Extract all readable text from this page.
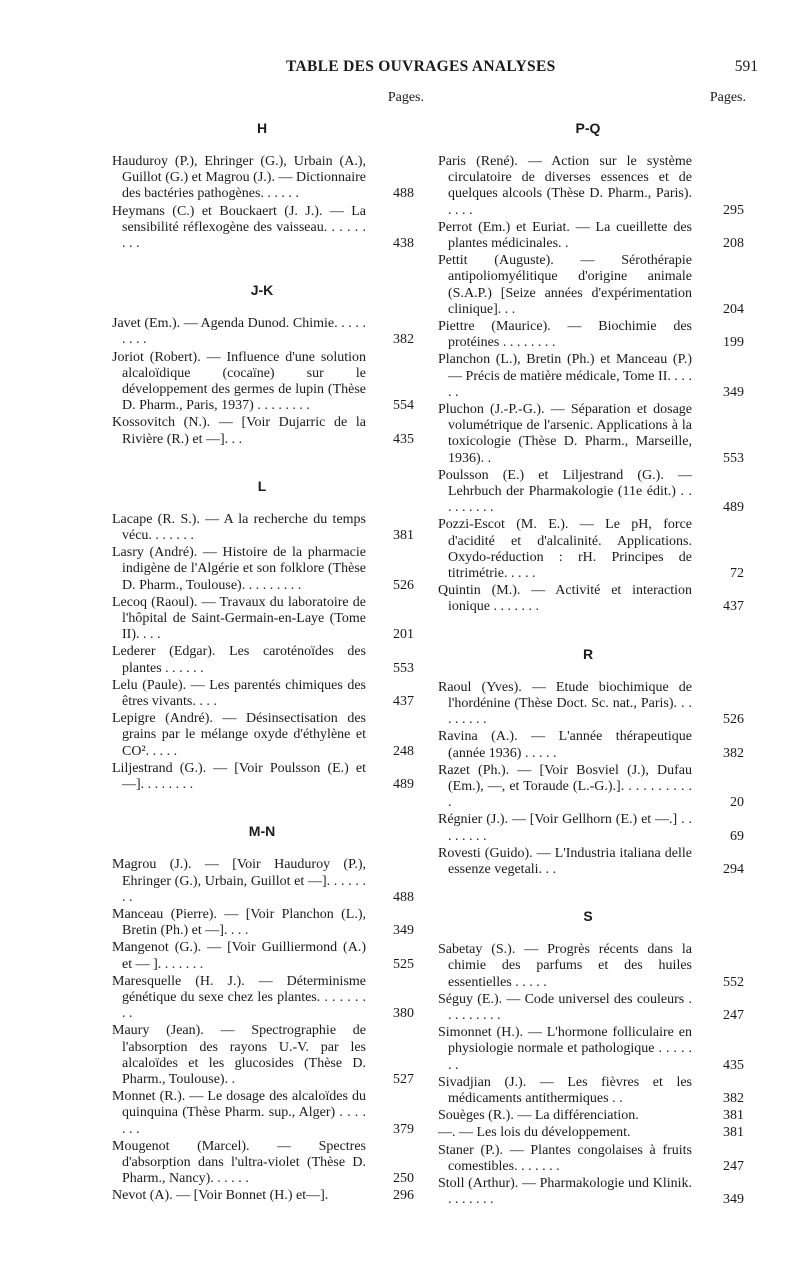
TABLE DES OUVRAGES ANALYSES	591
Pages.
H
Hauduroy (P.), Ehringer (G.), Urbain (A.), Guillot (G.) et Magrou (J.). — Dictionnaire des bactéries pathogènes. . . . . .	488
Heymans (C.) et Bouckaert (J. J.). — La sensibilité réflexogène des vaisseau. . . . . . . . .	438
J-K
Javet (Em.). — Agenda Dunod. Chimie. . . . . . . . .	382
Joriot (Robert). — Influence d'une solution alcaloïdique (cocaïne) sur le développement des germes de lupin (Thèse D. Pharm., Paris, 1937) . . . . . . . .	554
Kossovitch (N.). — [Voir Dujarric de la Rivière (R.) et —]. . .	435
L
Lacape (R. S.). — A la recherche du temps vécu. . . . . . .	381
Lasry (André). — Histoire de la pharmacie indigène de l'Algérie et son folklore (Thèse D. Pharm., Toulouse). . . . . . . . .	526
Lecoq (Raoul). — Travaux du laboratoire de l'hôpital de Saint-Germain-en-Laye (Tome II). . . .	201
Lederer (Edgar). Les caroténoïdes des plantes . . . . . .	553
Lelu (Paule). — Les parentés chimiques des êtres vivants. . . .	437
Lepigre (André). — Désinsectisation des grains par le mélange oxyde d'éthylène et CO². . . . .	248
Liljestrand (G.). — [Voir Poulsson (E.) et —]. . . . . . . .	489
M-N
Magrou (J.). — [Voir Hauduroy (P.), Ehringer (G.), Urbain, Guillot et —]. . . . . . . .	488
Manceau (Pierre). — [Voir Planchon (L.), Bretin (Ph.) et —]. . . .	349
Mangenot (G.). — [Voir Guilliermond (A.) et — ]. . . . . . .	525
Maresquelle (H. J.). — Déterminisme génétique du sexe chez les plantes. . . . . . . . .	380
Maury (Jean). — Spectrographie de l'absorption des rayons U.-V. par les alcaloïdes et les glucosides (Thèse D. Pharm., Toulouse). .	527
Monnet (R.). — Le dosage des alcaloïdes du quinquina (Thèse Pharm. sup., Alger) . . . . . . .	379
Mougenot (Marcel). — Spectres d'absorption dans l'ultra-violet (Thèse D. Pharm., Nancy). . . . . .	250
Nevot (A). — [Voir Bonnet (H.) et—].	296
Pages.
P-Q
Paris (René). — Action sur le système circulatoire de diverses essences et de quelques alcools (Thèse D. Pharm., Paris). . . . .	295
Perrot (Em.) et Euriat. — La cueillette des plantes médicinales. .	208
Pettit (Auguste). — Sérothérapie antipoliomyélitique d'origine animale (S.A.P.) [Seize années d'expérimentation clinique]. . .	204
Piettre (Maurice). — Biochimie des protéines . . . . . . . .	199
Planchon (L.), Bretin (Ph.) et Manceau (P.) — Précis de matière médicale, Tome II. . . . . .	349
Pluchon (J.-P.-G.). — Séparation et dosage volumétrique de l'arsenic. Applications à la toxicologie (Thèse D. Pharm., Marseille, 1936). .	553
Poulsson (E.) et Liljestrand (G.). — Lehrbuch der Pharmakologie (11e édit.) . . . . . . . . .	489
Pozzi-Escot (M. E.). — Le pH, force d'acidité et d'alcalinité. Applications. Oxydo-réduction : rH. Principes de titrimétrie. . . . .	72
Quintin (M.). — Activité et interaction ionique . . . . . . .	437
R
Raoul (Yves). — Etude biochimique de l'hordénine (Thèse Doct. Sc. nat., Paris). . . . . . . . .	526
Ravina (A.). — L'année thérapeutique (année 1936) . . . . .	382
Razet (Ph.). — [Voir Bosviel (J.), Dufau (Em.), —, et Toraude (L.-G.).]. . . . . . . . . . .	20
Régnier (J.). — [Voir Gellhorn (E.) et —.] . . . . . . . .	69
Rovesti (Guido). — L'Industria italiana delle essenze vegetali. . .	294
S
Sabetay (S.). — Progrès récents dans la chimie des parfums et des huiles essentielles . . . . .	552
Séguy (E.). — Code universel des couleurs . . . . . . . . .	247
Simonnet (H.). — L'hormone folliculaire en physiologie normale et pathologique . . . . . . .	435
Sivadjian (J.). — Les fièvres et les médicaments antithermiques . .	382
Souèges (R.). — La différenciation.	381
—. — Les lois du développement.	381
Staner (P.). — Plantes congolaises à fruits comestibles. . . . . . .	247
Stoll (Arthur). — Pharmakologie und Klinik. . . . . . . .	349
